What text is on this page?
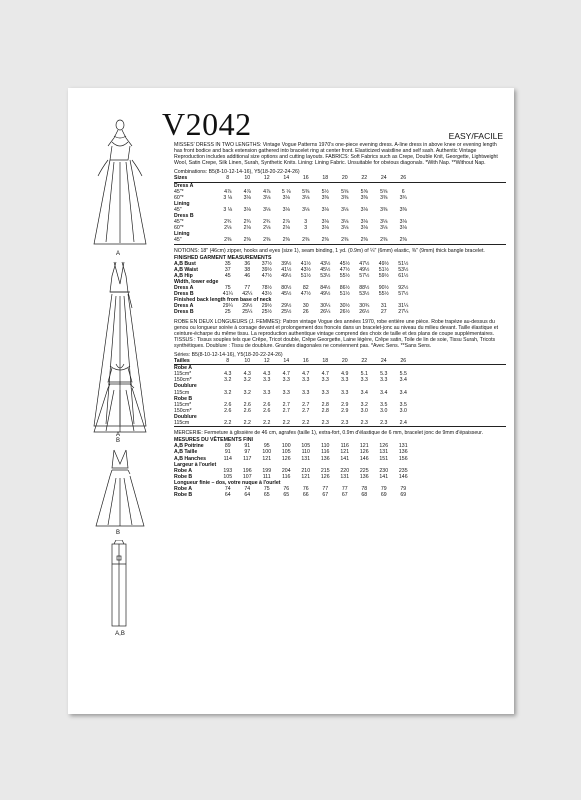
A
A
B
B
A,B
V2042	EASY/FACILE
MISSES' DRESS IN TWO LENGTHS: Vintage Vogue Patterns 1970's one-piece evening dress. A-line dress in above knee or evening length has front bodice and back extension gathered into bracelet ring at center front. Elasticized waistline and self sash. Authentic Vintage Reproduction includes additional size options and cutting layouts. FABRICS: Soft Fabrics such as Crepe, Double Knit, Georgette, Lightweight Wool, Satin Crepe, Silk Linen, Surah, Synthetic Knits. Lining: Lining Fabric. Unsuitable for obvious diagonals. *With Nap. **Without Nap.
Combinations: B5(8-10-12-14-16), Y5(18-20-22-24-26)
Sizes	8	10	12	14	16	18	20	22	24	26
Dress A
45"*	4⅞	4⅞	4⅞	5 ⅛	5⅜	5½	5⅝	5⅝	5⅝	6
60"*	3 ⅛	3⅛	3⅛	3⅛	3⅛	3⅜	3⅜	3⅜	3⅜	3¾
Lining
45"	3 ⅛	3⅛	3⅛	3⅛	3⅛	3⅛	3⅛	3⅛	3⅜	3⅜
Dress B
45"*	2¾	2¾	2¾	2⅞	3	3⅛	3⅛	3⅛	3⅛	3⅛
60"*	2⅛	2⅛	2⅛	2⅛	3	3⅛	3⅛	3⅛	3⅛	3⅛
Lining
45"	2⅜	2⅜	2⅜	2⅜	2⅜	2⅜	2⅜	2⅜	2⅜	2⅜
NOTIONS: 18" (46cm) zipper, hooks and eyes (size 1), seam binding, 1 yd. (0.9m) of ¼" (6mm) elastic, ⅜" (9mm) thick bangle bracelet.
FINISHED GARMENT MEASUREMENTS
A,B Bust	35	36	37½	39½	41½	43½	45½	47½	49½	51½
A,B Waist	37	38	39½	41½	43½	45½	47½	49½	51½	53½
A,B Hip	45	46	47½	49½	51½	53½	55½	57½	59½	61½
Width, lower edge
Dress A	75	77	78½	80½	82	84½	86½	88½	90½	92½
Dress B	41¼	42¼	43½	45½	47½	49½	51½	53½	55½	57½
Finished back length from base of neck
Dress A	29¼	29½	29½	29½	30	30¼	30½	30¾	31	31¼
Dress B	25	25¼	25½	25½	26	26¼	26½	26½	27	27¼
ROBE EN DEUX LONGUEURS (J. FEMMES): Patron vintage Vogue des années 1970, robe entière une pièce. Robe trapèze au-dessus du genou ou longueur soirée à corsage devant et prolongement dos froncés dans un bracelet-jonc au niveau du milieu devant. Taille élastique et ceinture-écharpe du même tissu. La reproduction authentique vintage comprend des choix de taille et des plans de coupe supplémentaires. TISSUS : Tissus souples tels que Crêpe, Tricot double, Crêpe Georgette, Laine légère, Crêpe satin, Toile de lin de soie, Tissu Surah, Tricots synthétiques. Doublure : Tissu de doublure. Grandes diagonales ne conviennent pas. *Avec Sens. **Sans Sens.
Séries: B5(8-10-12-14-16), Y5(18-20-22-24-26)
Tailles	8	10	12	14	16	18	20	22	24	26
Robe A
115cm*	4.3	4.3	4.3	4.7	4.7	4.7	4.9	5.1	5.3	5.5
150cm*	3.2	3.2	3.3	3.3	3.3	3.3	3.3	3.3	3.3	3.4
Doublure
115cm	3.2	3.2	3.3	3.3	3.3	3.3	3.3	3.4	3.4	3.4
Robe B
115cm*	2.6	2.6	2.6	2.7	2.7	2.8	2.9	3.2	3.5	3.5
150cm*	2.6	2.6	2.6	2.7	2.7	2.8	2.9	3.0	3.0	3.0
Doublure
115cm	2.2	2.2	2.2	2.2	2.2	2.3	2.3	2.3	2.3	2.4
MERCERIE: Fermeture à glissière de 46 cm, agrafes (taille 1), extra-fort, 0.9m d'élastique de 6 mm, bracelet jonc de 9mm d'épaisseur.
MESURES DU VÊTEMENTS FINI
A,B Poitrine	89	91	95	100	105	110	116	121	126	131
A,B Taille	91	97	100	105	110	116	121	126	131	136
A,B Hanches	114	117	121	126	131	136	141	146	151	156
Largeur à l'ourlet
Robe A	193	196	199	204	210	215	220	225	230	235
Robe B	105	107	111	116	121	126	131	136	141	146
Longueur finie – dos, votre nuque à l'ourlet
Robe A	74	74	75	76	76	77	77	78	79	79
Robe B	64	64	65	65	66	67	67	68	69	69
